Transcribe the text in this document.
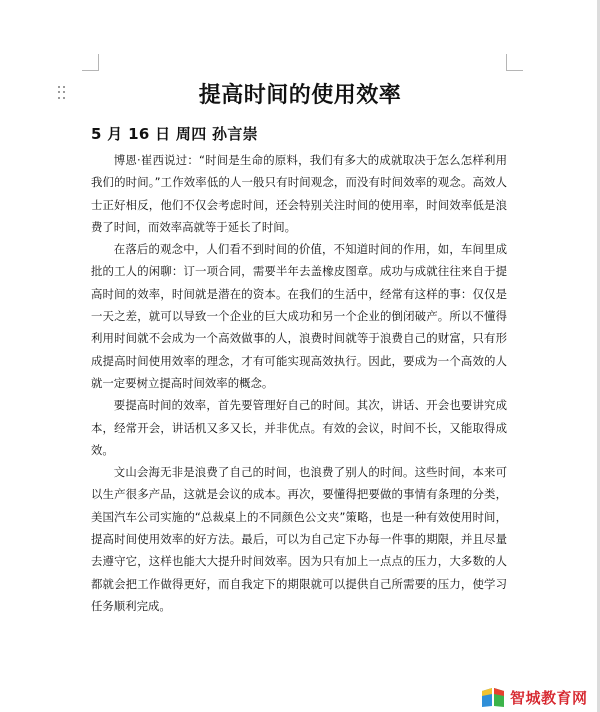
提高时间的使用效率
5 月 16 日 周四 孙言崇

博恩·崔西说过：“时间是生命的原料，我们有多大的成就取决于怎么怎样利用我们的时间。”工作效率低的人一般只有时间观念，而没有时间效率的观念。高效人士正好相反，他们不仅会考虑时间，还会特别关注时间的使用率，时间效率低是浪费了时间，而效率高就等于延长了时间。

在落后的观念中，人们看不到时间的价值，不知道时间的作用，如，车间里成批的工人的闲聊：订一项合同，需要半年去盖橡皮图章。成功与成就往往来自于提高时间的效率，时间就是潜在的资本。在我们的生活中，经常有这样的事：仅仅是一天之差，就可以导致一个企业的巨大成功和另一个企业的倒闭破产。所以不懂得利用时间就不会成为一个高效做事的人，浪费时间就等于浪费自己的财富，只有形成提高时间使用效率的理念，才有可能实现高效执行。因此，要成为一个高效的人就一定要树立提高时间效率的概念。

要提高时间的效率，首先要管理好自己的时间。其次，讲话、开会也要讲究成本，经常开会，讲话机又多又长，并非优点。有效的会议，时间不长，又能取得成效。

文山会海无非是浪费了自己的时间，也浪费了别人的时间。这些时间，本来可以生产很多产品，这就是会议的成本。再次，要懂得把要做的事情有条理的分类，美国汽车公司实施的“总裁桌上的不同颜色公文夹”策略，也是一种有效使用时间，提高时间使用效率的好方法。最后，可以为自己定下办每一件事的期限，并且尽量去遵守它，这样也能大大提升时间效率。因为只有加上一点点的压力，大多数的人都就会把工作做得更好，而自我定下的期限就可以提供自己所需要的压力，使学习任务顺利完成。

智城教育网
